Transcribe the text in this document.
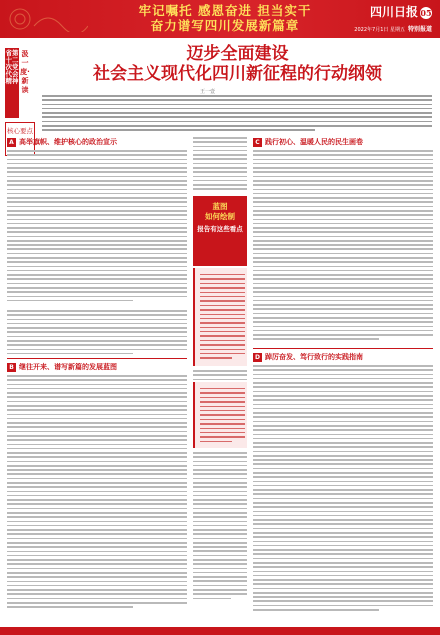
牢记嘱托 感恩奋进 担当实干
奋力谱写四川发展新篇章
四川日报 05
2022年7月1日 星期五 特别报道
省第十二次党代会精神
汲一度·新读
核心要点
迈步全面建设
社会主义现代化四川新征程的行动纲领
王一壹
A 高举旗帜、维护核心的政治宣示
蓝图
如何绘制
报告有这些看点
C 践行初心、温暖人民的民生画卷
B 继往开来、谱写新篇的发展蓝图
D 踔厉奋发、笃行致行的实践指南
